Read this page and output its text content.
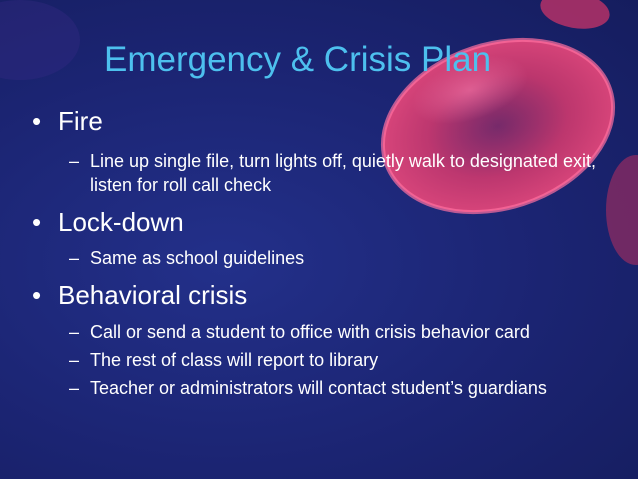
Emergency & Crisis Plan
• Fire
– Line up single file, turn lights off, quietly walk to designated exit, listen for roll call check
• Lock-down
– Same as school guidelines
• Behavioral crisis
– Call or send a student to office with crisis behavior card
– The rest of class will report to library
– Teacher or administrators will contact student’s guardians
